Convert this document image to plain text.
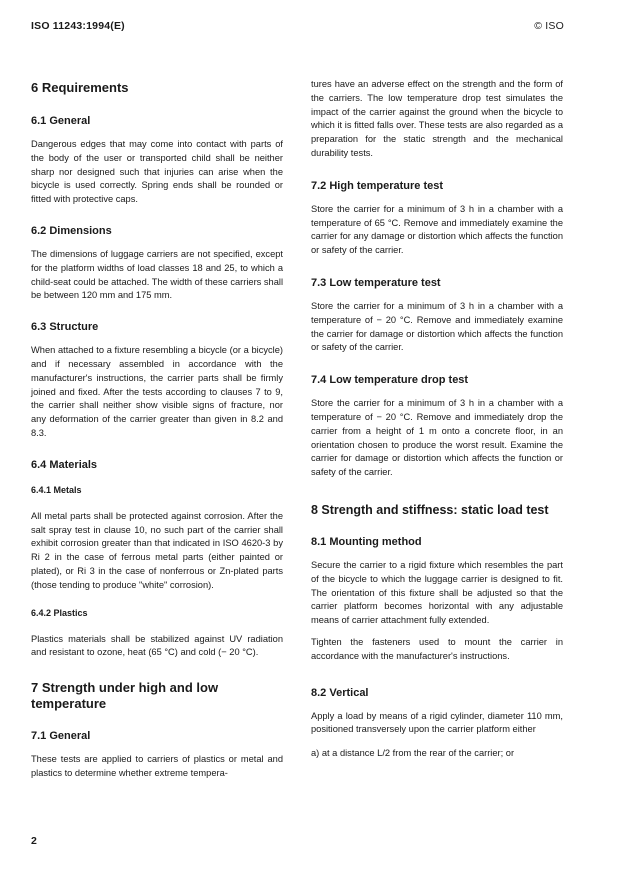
ISO 11243:1994(E)	© ISO
6 Requirements
6.1 General

Dangerous edges that may come into contact with parts of the body of the user or transported child shall be neither sharp nor designed such that injuries can arise when the bicycle is used correctly. Spring ends shall be rounded or fitted with protective caps.

6.2 Dimensions

The dimensions of luggage carriers are not specified, except for the platform widths of load classes 18 and 25, to which a child-seat could be attached. The width of these carriers shall be between 120 mm and 175 mm.

6.3 Structure

When attached to a fixture resembling a bicycle (or a bicycle) and if necessary assembled in accordance with the manufacturer's instructions, the carrier parts shall be firmly joined and fixed. After the tests according to clauses 7 to 9, the carrier shall neither show visible signs of fracture, nor any deformation of the carrier greater than given in 8.2 and 8.3.

6.4 Materials
6.4.1 Metals

All metal parts shall be protected against corrosion. After the salt spray test in clause 10, no such part of the carrier shall exhibit corrosion greater than that indicated in ISO 4620-3 by Ri 2 in the case of ferrous metal parts (either painted or plated), or Ri 3 in the case of nonferrous or Zn-plated parts (those tending to produce "white" corrosion).

6.4.2 Plastics

Plastics materials shall be stabilized against UV radiation and resistant to ozone, heat (65 °C) and cold (− 20 °C).

7 Strength under high and low temperature
7.1 General

These tests are applied to carriers of plastics or metal and plastics to determine whether extreme tempera-

tures have an adverse effect on the strength and the form of the carriers. The low temperature drop test simulates the impact of the carrier against the ground when the bicycle to which it is fitted falls over. These tests are also regarded as a preparation for the static strength and the mechanical durability tests.

7.2 High temperature test

Store the carrier for a minimum of 3 h in a chamber with a temperature of 65 °C. Remove and immediately examine the carrier for any damage or distortion which affects the function or safety of the carrier.

7.3 Low temperature test

Store the carrier for a minimum of 3 h in a chamber with a temperature of − 20 °C. Remove and immediately examine the carrier for damage or distortion which affects the function or safety of the carrier.

7.4 Low temperature drop test

Store the carrier for a minimum of 3 h in a chamber with a temperature of − 20 °C. Remove and immediately drop the carrier from a height of 1 m onto a concrete floor, in an orientation chosen to produce the worst result. Examine the carrier for damage or distortion which affects the function or safety of the carrier.

8 Strength and stiffness: static load test
8.1 Mounting method

Secure the carrier to a rigid fixture which resembles the part of the bicycle to which the luggage carrier is designed to fit. The orientation of this fixture shall be adjusted so that the carrier platform becomes horizontal with any adjustable means of carrier attachment fully extended.

Tighten the fasteners used to mount the carrier in accordance with the manufacturer's instructions.

8.2 Vertical

Apply a load by means of a rigid cylinder, diameter 110 mm, positioned transversely upon the carrier platform either

a) at a distance L/2 from the rear of the carrier; or

2
